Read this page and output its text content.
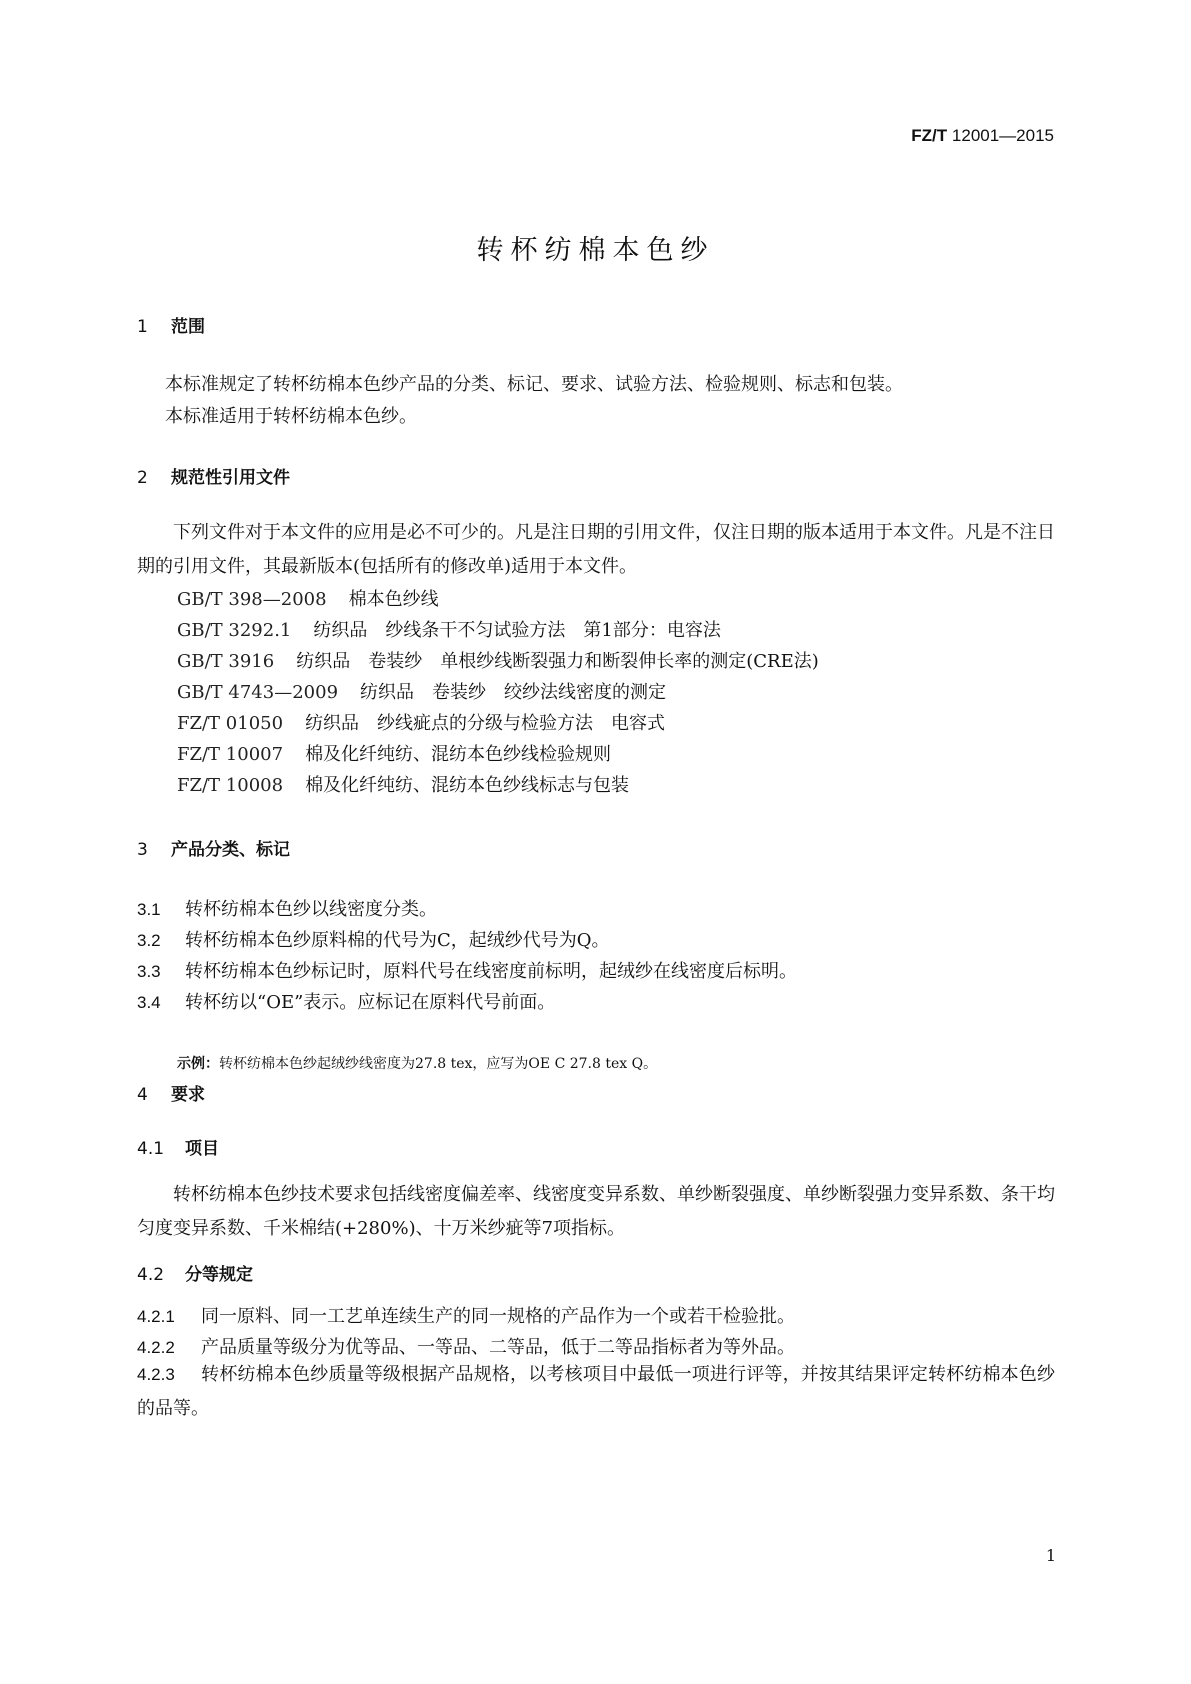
FZ/T 12001—2015
转杯纺棉本色纱
1 范围
本标准规定了转杯纺棉本色纱产品的分类、标记、要求、试验方法、检验规则、标志和包装。
本标准适用于转杯纺棉本色纱。
2 规范性引用文件
下列文件对于本文件的应用是必不可少的。凡是注日期的引用文件，仅注日期的版本适用于本文件。凡是不注日期的引用文件，其最新版本(包括所有的修改单)适用于本文件。
GB/T 398—2008 棉本色纱线
GB/T 3292.1 纺织品　纱线条干不匀试验方法　第1部分：电容法
GB/T 3916 纺织品　卷装纱　单根纱线断裂强力和断裂伸长率的测定(CRE法)
GB/T 4743—2009 纺织品　卷装纱　绞纱法线密度的测定
FZ/T 01050 纺织品　纱线疵点的分级与检验方法　电容式
FZ/T 10007 棉及化纤纯纺、混纺本色纱线检验规则
FZ/T 10008 棉及化纤纯纺、混纺本色纱线标志与包装
3 产品分类、标记
3.1 转杯纺棉本色纱以线密度分类。
3.2 转杯纺棉本色纱原料棉的代号为C，起绒纱代号为Q。
3.3 转杯纺棉本色纱标记时，原料代号在线密度前标明，起绒纱在线密度后标明。
3.4 转杯纺以“OE”表示。应标记在原料代号前面。
示例：转杯纺棉本色纱起绒纱线密度为27.8 tex，应写为OE C 27.8 tex Q。
4 要求
4.1 项目
转杯纺棉本色纱技术要求包括线密度偏差率、线密度变异系数、单纱断裂强度、单纱断裂强力变异系数、条干均匀度变异系数、千米棉结(+280%)、十万米纱疵等7项指标。
4.2 分等规定
4.2.1 同一原料、同一工艺单连续生产的同一规格的产品作为一个或若干检验批。
4.2.2 产品质量等级分为优等品、一等品、二等品，低于二等品指标者为等外品。
4.2.3 转杯纺棉本色纱质量等级根据产品规格，以考核项目中最低一项进行评等，并按其结果评定转杯纺棉本色纱的品等。
1
